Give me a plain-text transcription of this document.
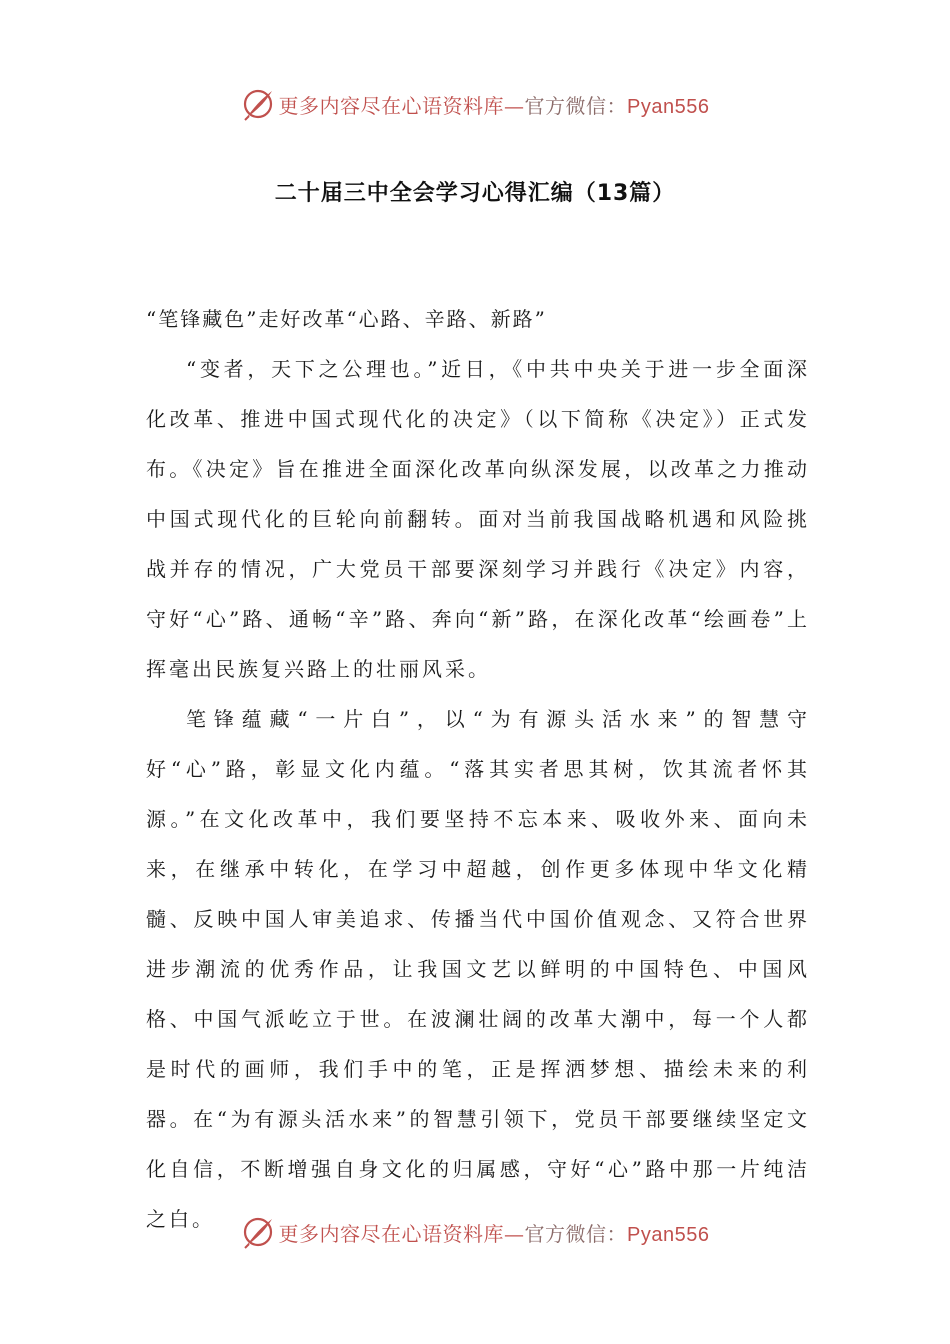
更多内容尽在心语资料库—官方微信：Pyan556
二十届三中全会学习心得汇编（13篇）

“笔锋藏色”走好改革“心路、辛路、新路”

“变者，天下之公理也。”近日，《中共中央关于进一步全面深化改革、推进中国式现代化的决定》（以下简称《决定》）正式发布。《决定》旨在推进全面深化改革向纵深发展，以改革之力推动中国式现代化的巨轮向前翻转。面对当前我国战略机遇和风险挑战并存的情况，广大党员干部要深刻学习并践行《决定》内容，守好“心”路、通畅“辛”路、奔向“新”路，在深化改革“绘画卷”上挥毫出民族复兴路上的壮丽风采。

笔锋蕴藏“一片白”，以“为有源头活水来”的智慧守好“心”路，彰显文化内蕴。“落其实者思其树，饮其流者怀其源。”在文化改革中，我们要坚持不忘本来、吸收外来、面向未来，在继承中转化，在学习中超越，创作更多体现中华文化精髓、反映中国人审美追求、传播当代中国价值观念、又符合世界进步潮流的优秀作品，让我国文艺以鲜明的中国特色、中国风格、中国气派屹立于世。在波澜壮阔的改革大潮中，每一个人都是时代的画师，我们手中的笔，正是挥洒梦想、描绘未来的利器。在“为有源头活水来”的智慧引领下，党员干部要继续坚定文化自信，不断增强自身文化的归属感，守好“心”路中那一片纯洁之白。

更多内容尽在心语资料库—官方微信：Pyan556
